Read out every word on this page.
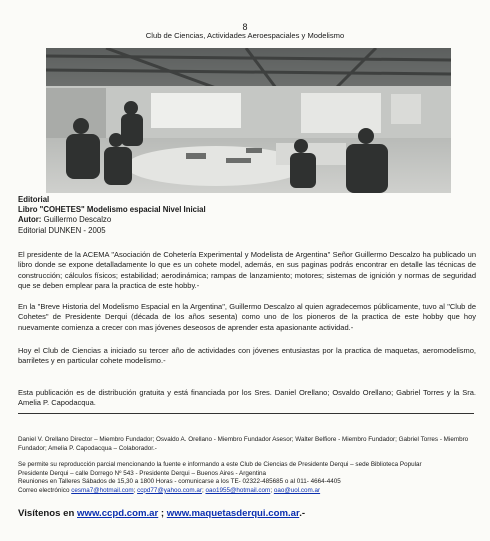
8
Club de Ciencias, Actividades Aeroespaciales y Modelismo
Editorial
Libro "COHETES" Modelismo espacial Nivel Inicial
Autor: Guillermo Descalzo
Editorial DUNKEN - 2005
El presidente de la ACEMA "Asociación de Cohetería Experimental y Modelista de Argentina" Señor Guillermo Descalzo ha publicado un libro donde se expone detalladamente lo que es un cohete model, además, en sus paginas podrás encontrar en detalle las técnicas de construcción; cálculos físicos; estabilidad; aerodinámica; rampas de lanzamiento; motores; sistemas de ignición y normas de seguridad que se deben emplear para la practica de este hobby.-
En la "Breve Historia del Modelismo Espacial en la Argentina", Guillermo Descalzo al quien agradecemos públicamente, tuvo al "Club de Cohetes" de Presidente Derqui (década de los años sesenta) como uno de los pioneros de la practica de este hobby que hoy nuevamente comienza a crecer con mas jóvenes deseosos de aprender esta apasionante actividad.-
Hoy el Club de Ciencias a iniciado su tercer año de actividades con jóvenes entusiastas por la practica de maquetas, aeromodelismo, barriletes y en particular cohete modelismo.-
Esta publicación es de distribución gratuita y está financiada por los Sres. Daniel Orellano; Osvaldo Orellano; Gabriel Torres y la Sra. Amelia P. Capodacqua.
Daniel V. Orellano Director – Miembro Fundador; Osvaldo A. Orellano - Miembro Fundador Asesor; Walter Belfiore - Miembro Fundador; Gabriel Torres - Miembro Fundador; Amelia P. Capodacqua – Colaborador.-
Se permite su reproducción parcial mencionando la fuente e informando a este Club de Ciencias de Presidente Derqui – sede Biblioteca Popular
Presidente Derqui – calle Dorrego Nº 543 - Presidente Derqui – Buenos Aires - Argentina
Reuniones en Talleres Sábados de 15,30 a 1800 Horas - comunicarse a los TE- 02322-485685 o al 011- 4664-4405
Correo electrónico cesma7@hotmail.com; ccpd77@yahoo.com.ar; oao1955@hotmail.com; oao@uol.com.ar
Visítenos en www.ccpd.com.ar ; www.maquetasderqui.com.ar.-
